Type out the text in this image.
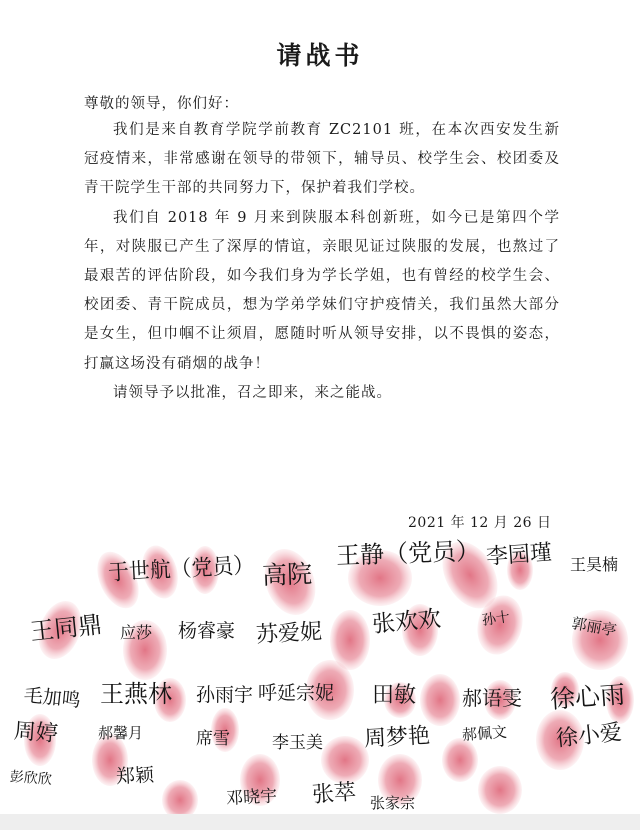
请战书
尊敬的领导，你们好：

我们是来自教育学院学前教育 ZC2101 班，在本次西安发生新冠疫情来，非常感谢在领导的带领下，辅导员、校学生会、校团委及青干院学生干部的共同努力下，保护着我们学校。

我们自 2018 年 9 月来到陕服本科创新班，如今已是第四个学年，对陕服已产生了深厚的情谊，亲眼见证过陕服的发展，也熬过了最艰苦的评估阶段，如今我们身为学长学姐，也有曾经的校学生会、校团委、青干院成员，想为学弟学妹们守护疫情关，我们虽然大部分是女生，但巾帼不让须眉，愿随时听从领导安排，以不畏惧的姿态，打赢这场没有硝烟的战争！

请领导予以批准，召之即来，来之能战。

2021 年 12 月 26 日
于世航（党员） 高院
王静（党员） 李园瑾 王昊楠
王同鼎 应莎 杨睿豪 苏爱妮 张欢欢	孙十	郭丽亭
毛加鸣 王燕林 孙雨宇 呼延宗妮 田敏 郝语雯 徐心雨
周婷	郝馨月	席雪 李玉美 周梦艳 郝佩文 徐小爱
彭欣欣	郑颖
邓晓宇 张萃 张家宗
